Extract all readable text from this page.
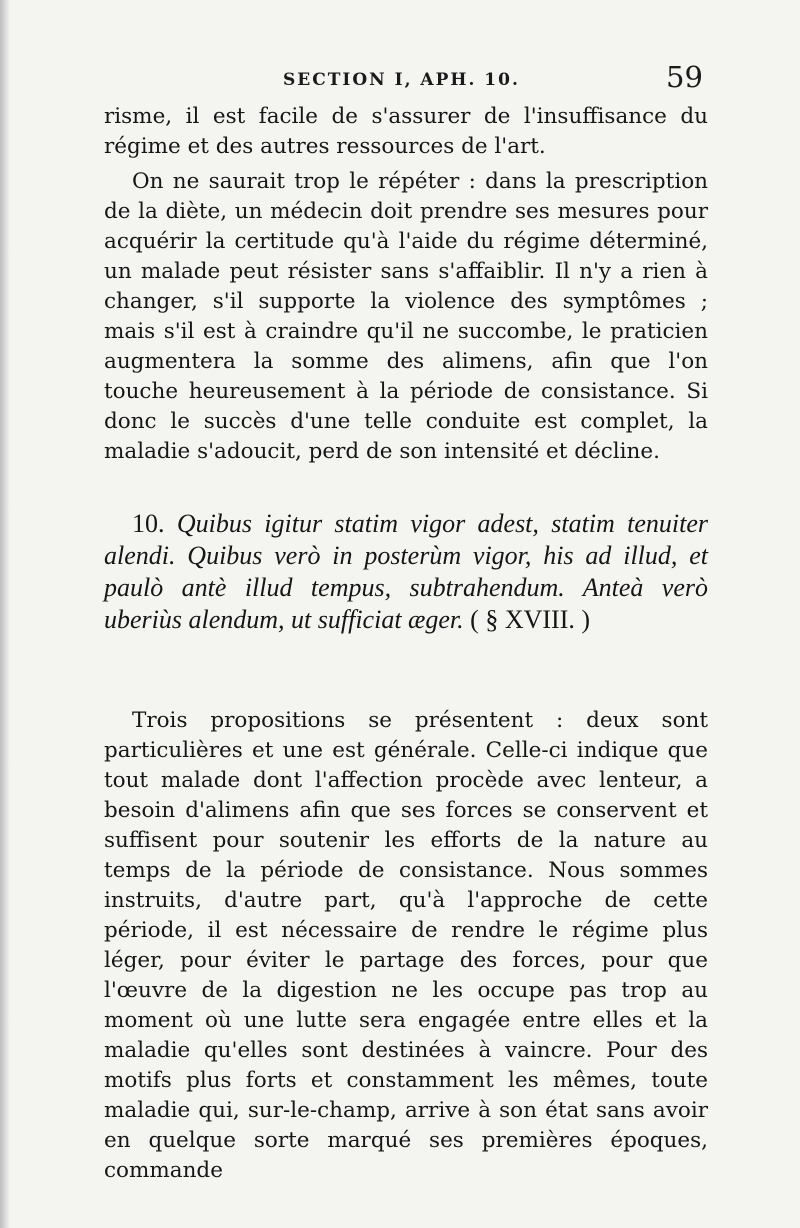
SECTION I, APH. 10.	59

risme, il est facile de s'assurer de l'insuffisance du régime et des autres ressources de l'art.

On ne saurait trop le répéter : dans la prescription de la diète, un médecin doit prendre ses mesures pour acquérir la certitude qu'à l'aide du régime déterminé, un malade peut résister sans s'affaiblir. Il n'y a rien à changer, s'il supporte la violence des symptômes ; mais s'il est à craindre qu'il ne succombe, le praticien augmentera la somme des alimens, afin que l'on touche heureusement à la période de consistance. Si donc le succès d'une telle conduite est complet, la maladie s'adoucit, perd de son intensité et décline.

10. Quibus igitur statim vigor adest, statim tenuiter alendi. Quibus verò in posterùm vigor, his ad illud, et paulò antè illud tempus, subtrahendum. Anteà verò uberiùs alendum, ut sufficiat æger. ( § XVIII. )

Trois propositions se présentent : deux sont particulières et une est générale. Celle-ci indique que tout malade dont l'affection procède avec lenteur, a besoin d'alimens afin que ses forces se conservent et suffisent pour soutenir les efforts de la nature au temps de la période de consistance. Nous sommes instruits, d'autre part, qu'à l'approche de cette période, il est nécessaire de rendre le régime plus léger, pour éviter le partage des forces, pour que l'œuvre de la digestion ne les occupe pas trop au moment où une lutte sera engagée entre elles et la maladie qu'elles sont destinées à vaincre. Pour des motifs plus forts et constamment les mêmes, toute maladie qui, sur-le-champ, arrive à son état sans avoir en quelque sorte marqué ses premières époques, commande
